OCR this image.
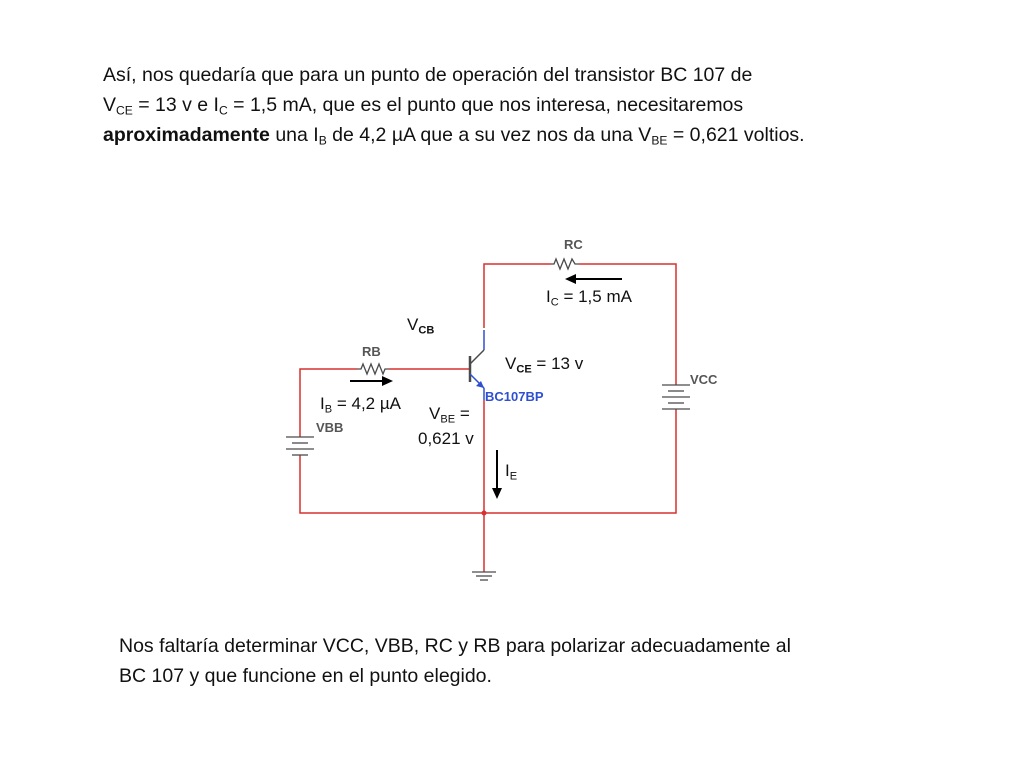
Así, nos quedaría que para un punto de operación del transistor BC 107 de
$V_{CE} = 13$ v e $I_C = 1,5$ mA, que es el punto que nos interesa, necesitaremos
aproximadamente una $I_B$ de 4,2 µA que a su vez nos da una $V_{BE} = 0,621$ voltios.

RC
RB
VCC
VBB
BC107BP
$I_C = 1,5$ mA
$V_{CB}$
$V_{CE} = 13$ v
$I_B = 4,2$ µA
$V_{BE}$ =
0,621 v
$I_E$

Nos faltaría determinar VCC, VBB, RC y RB para polarizar adecuadamente al
BC 107 y que funcione en el punto elegido.
